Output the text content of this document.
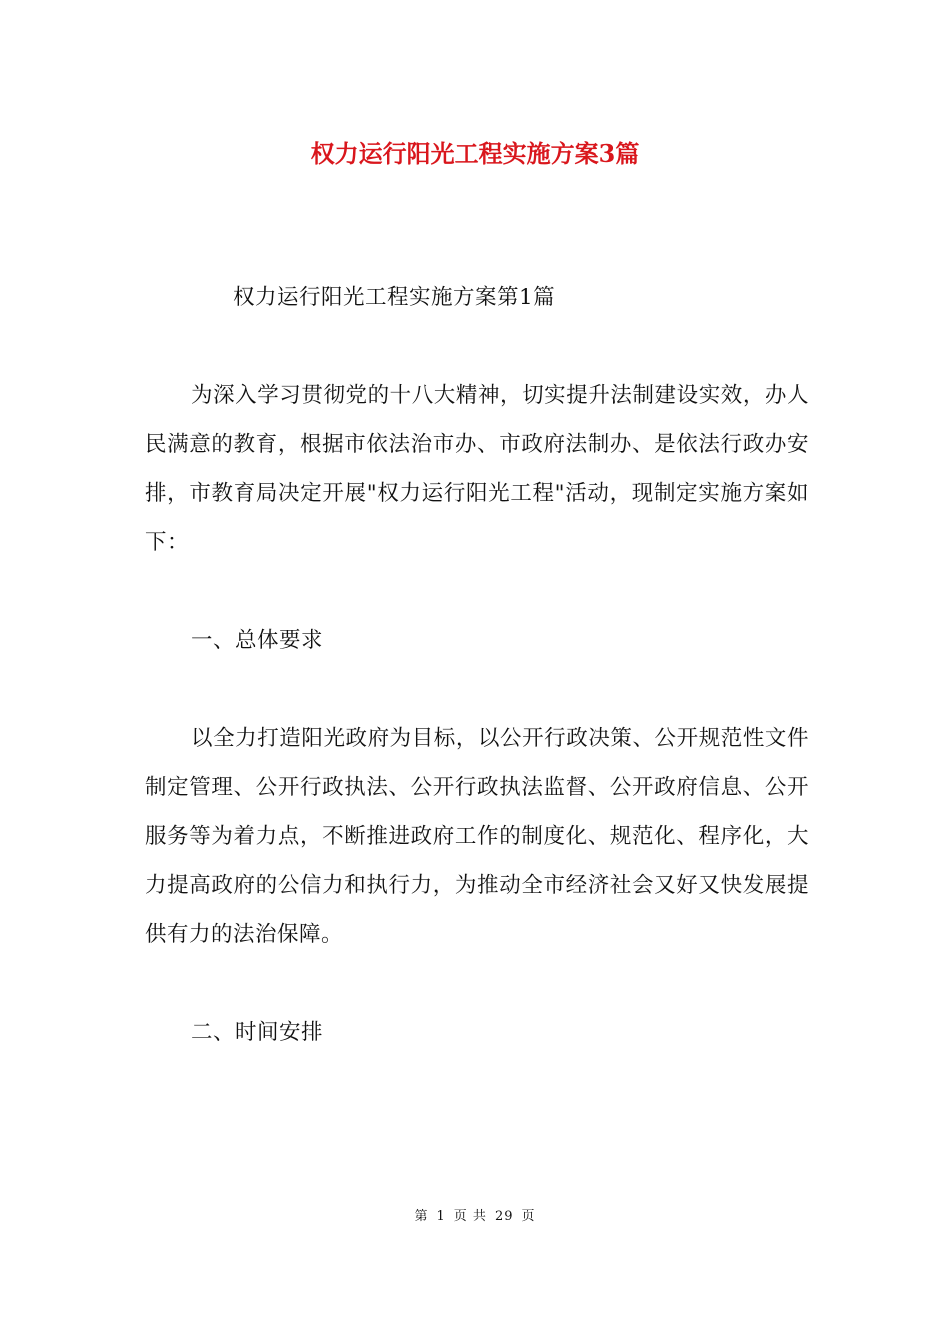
权力运行阳光工程实施方案3篇

权力运行阳光工程实施方案第1篇

为深入学习贯彻党的十八大精神，切实提升法制建设实效，办人民满意的教育，根据市依法治市办、市政府法制办、是依法行政办安排，市教育局决定开展"权力运行阳光工程"活动，现制定实施方案如下：

一、总体要求

以全力打造阳光政府为目标，以公开行政决策、公开规范性文件制定管理、公开行政执法、公开行政执法监督、公开政府信息、公开服务等为着力点，不断推进政府工作的制度化、规范化、程序化，大力提高政府的公信力和执行力，为推动全市经济社会又好又快发展提供有力的法治保障。

二、时间安排

第 1 页 共 29 页
